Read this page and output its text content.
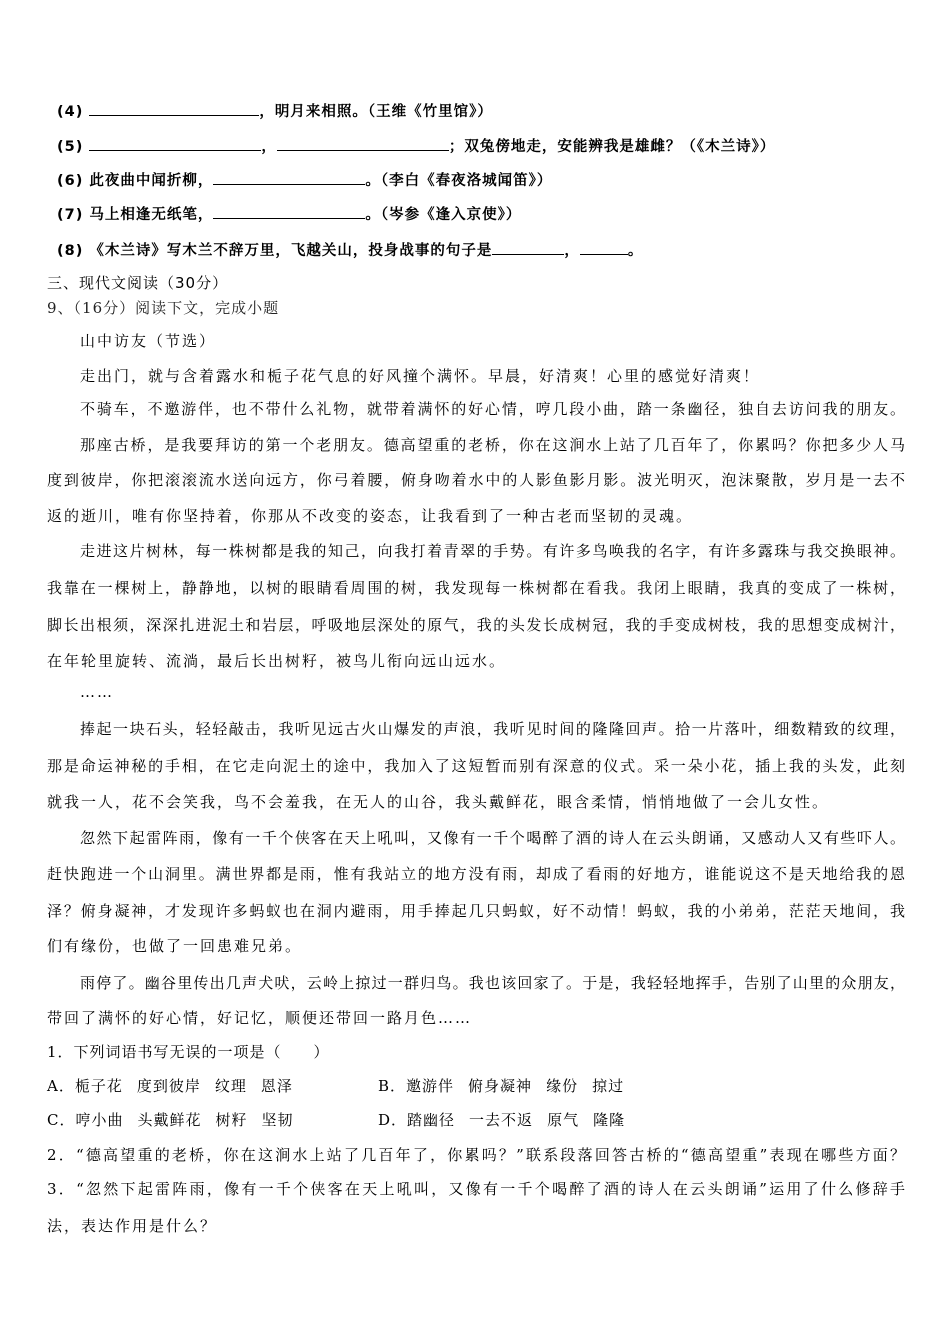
(4)	，明月来相照。（王维《竹里馆》）
(5)	，	；双兔傍地走，安能辨我是雄雌？（《木兰诗》）
(6) 此夜曲中闻折柳，	。（李白《春夜洛城闻笛》）
(7) 马上相逢无纸笔，	。（岑参《逢入京使》）
(8) 《木兰诗》写木兰不辞万里，飞越关山，投身战事的句子是	，	。
三、现代文阅读（30分）
9、（16分）阅读下文，完成小题
山中访友（节选）
走出门，就与含着露水和栀子花气息的好风撞个满怀。早晨，好清爽！心里的感觉好清爽！
不骑车，不邀游伴，也不带什么礼物，就带着满怀的好心情，哼几段小曲，踏一条幽径，独自去访问我的朋友。
那座古桥，是我要拜访的第一个老朋友。德高望重的老桥，你在这涧水上站了几百年了，你累吗？你把多少人马
度到彼岸，你把滚滚流水送向远方，你弓着腰，俯身吻着水中的人影鱼影月影。波光明灭，泡沫聚散，岁月是一去不
返的逝川，唯有你坚持着，你那从不改变的姿态，让我看到了一种古老而坚韧的灵魂。
走进这片树林，每一株树都是我的知己，向我打着青翠的手势。有许多鸟唤我的名字，有许多露珠与我交换眼神。
我靠在一棵树上，静静地，以树的眼睛看周围的树，我发现每一株树都在看我。我闭上眼睛，我真的变成了一株树，
脚长出根须，深深扎进泥土和岩层，呼吸地层深处的原气，我的头发长成树冠，我的手变成树枝，我的思想变成树汁，
在年轮里旋转、流淌，最后长出树籽，被鸟儿衔向远山远水。
……
捧起一块石头，轻轻敲击，我听见远古火山爆发的声浪，我听见时间的隆隆回声。拾一片落叶，细数精致的纹理，
那是命运神秘的手相，在它走向泥土的途中，我加入了这短暂而别有深意的仪式。采一朵小花，插上我的头发，此刻
就我一人，花不会笑我，鸟不会羞我，在无人的山谷，我头戴鲜花，眼含柔情，悄悄地做了一会儿女性。
忽然下起雷阵雨，像有一千个侠客在天上吼叫，又像有一千个喝醉了酒的诗人在云头朗诵，又感动人又有些吓人。
赶快跑进一个山洞里。满世界都是雨，惟有我站立的地方没有雨，却成了看雨的好地方，谁能说这不是天地给我的恩
泽？俯身凝神，才发现许多蚂蚁也在洞内避雨，用手捧起几只蚂蚁，好不动情！蚂蚁，我的小弟弟，茫茫天地间，我
们有缘份，也做了一回患难兄弟。
雨停了。幽谷里传出几声犬吠，云岭上掠过一群归鸟。我也该回家了。于是，我轻轻地挥手，告别了山里的众朋友，
带回了满怀的好心情，好记忆，顺便还带回一路月色……
1．下列词语书写无误的一项是（　　）
A．栀子花 度到彼岸 纹理 恩泽	B．邀游伴 俯身凝神 缘份 掠过
C．哼小曲 头戴鲜花 树籽 坚韧	D．踏幽径 一去不返 原气 隆隆
2．“德高望重的老桥，你在这涧水上站了几百年了，你累吗？”联系段落回答古桥的“德高望重”表现在哪些方面？
3．“忽然下起雷阵雨，像有一千个侠客在天上吼叫，又像有一千个喝醉了酒的诗人在云头朗诵”运用了什么修辞手
法，表达作用是什么？
